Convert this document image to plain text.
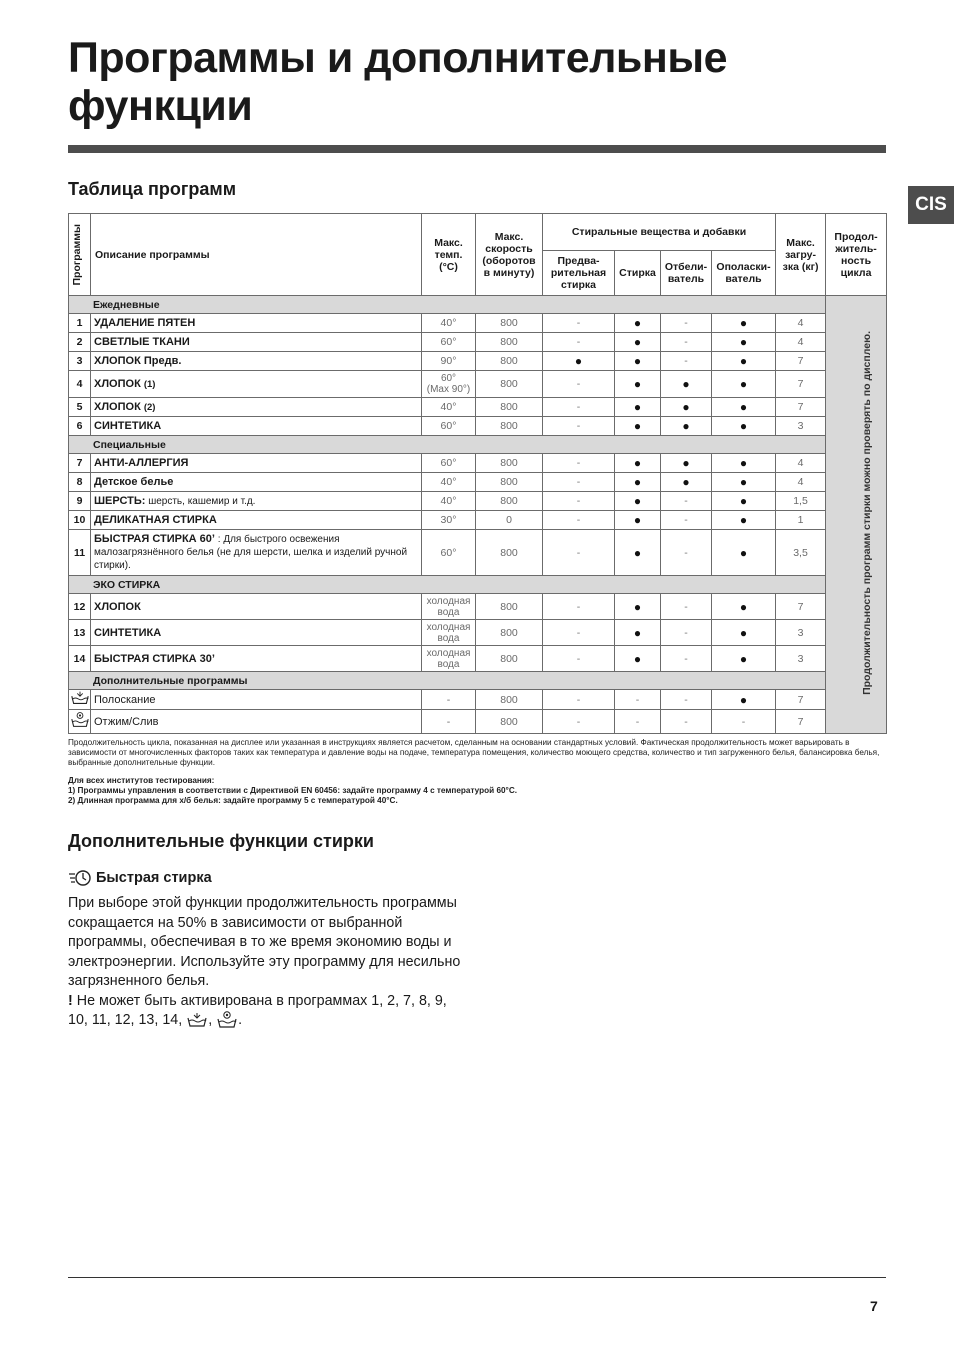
Программы и дополнительные
функции
CIS
Таблица программ
Программы	Описание программы	Макс. темп. (°С)	Макс. скорость (оборотов в минуту)	Стиральные вещества и добавки				Макс. загру-зка (кг)	Продол-житель-ность цикла
				Предва-рительная стирка	Стирка	Отбели-ватель	Ополаски-ватель		
Ежедневные									Продолжительность программ стирки можно проверять по дисплею.
1	УДАЛЕНИЕ ПЯТЕН	40°	800	-	●	-	●	4	
2	СВЕТЛЫЕ ТКАНИ	60°	800	-	●	-	●	4	
3	ХЛОПОК Предв.	90°	800	●	●	-	●	7	
4	ХЛОПОК (1)	60°
(Max 90°)	800	-	●	●	●	7	
5	ХЛОПОК (2)	40°	800	-	●	●	●	7	
6	СИНТЕТИКА	60°	800	-	●	●	●	3	
Специальные									
7	АНТИ-АЛЛЕРГИЯ	60°	800	-	●	●	●	4	
8	Детское белье	40°	800	-	●	●	●	4	
9	ШЕРСТЬ: шерсть, кашемир и т.д.	40°	800	-	●	-	●	1,5	
10	ДЕЛИКАТНАЯ СТИРКА	30°	0	-	●	-	●	1	
11	БЫСТРАЯ СТИРКА 60’ : Для быстрого освежения малозагрязнённого белья (не для шерсти, шелка и изделий ручной стирки).	60°	800	-	●	-	●	3,5	
ЭКО СТИРКА									
12	ХЛОПОК	холодная вода	800	-	●	-	●	7	
13	СИНТЕТИКА	холодная вода	800	-	●	-	●	3	
14	БЫСТРАЯ СТИРКА 30’	холодная вода	800	-	●	-	●	3	
Дополнительные программы									
	Полоскание	-	800	-	-	-	●	7	
	Отжим/Слив	-	800	-	-	-	-	7	

Продолжительность цикла, показанная на дисплее или указанная в инструкциях является расчетом, сделанным на основании стандартных условий. Фактическая продолжительность может варьировать в зависимости от многочисленных факторов таких как температура и давление воды на подаче, температура помещения, количество моющего средства, количество и тип загруженного белья, балансировка белья, выбранные дополнительные функции.

Для всех институтов тестирования:

1) Программы управления в соответствии с Директивой EN 60456: задайте программу 4 с температурой 60°С.

2) Длинная программа для х/б белья: задайте программу 5 с температурой 40°С.

Дополнительные функции стирки
Быстрая стирка

При выборе этой функции продолжительность программы сокращается на 50% в зависимости от выбранной программы, обеспечивая в то же время экономию воды и электроэнергии. Используйте эту программу для несильно загрязненного белья.
! Не может быть активирована в программах 1, 2, 7, 8, 9, 10, 11, 12, 13, 14, , .

7
